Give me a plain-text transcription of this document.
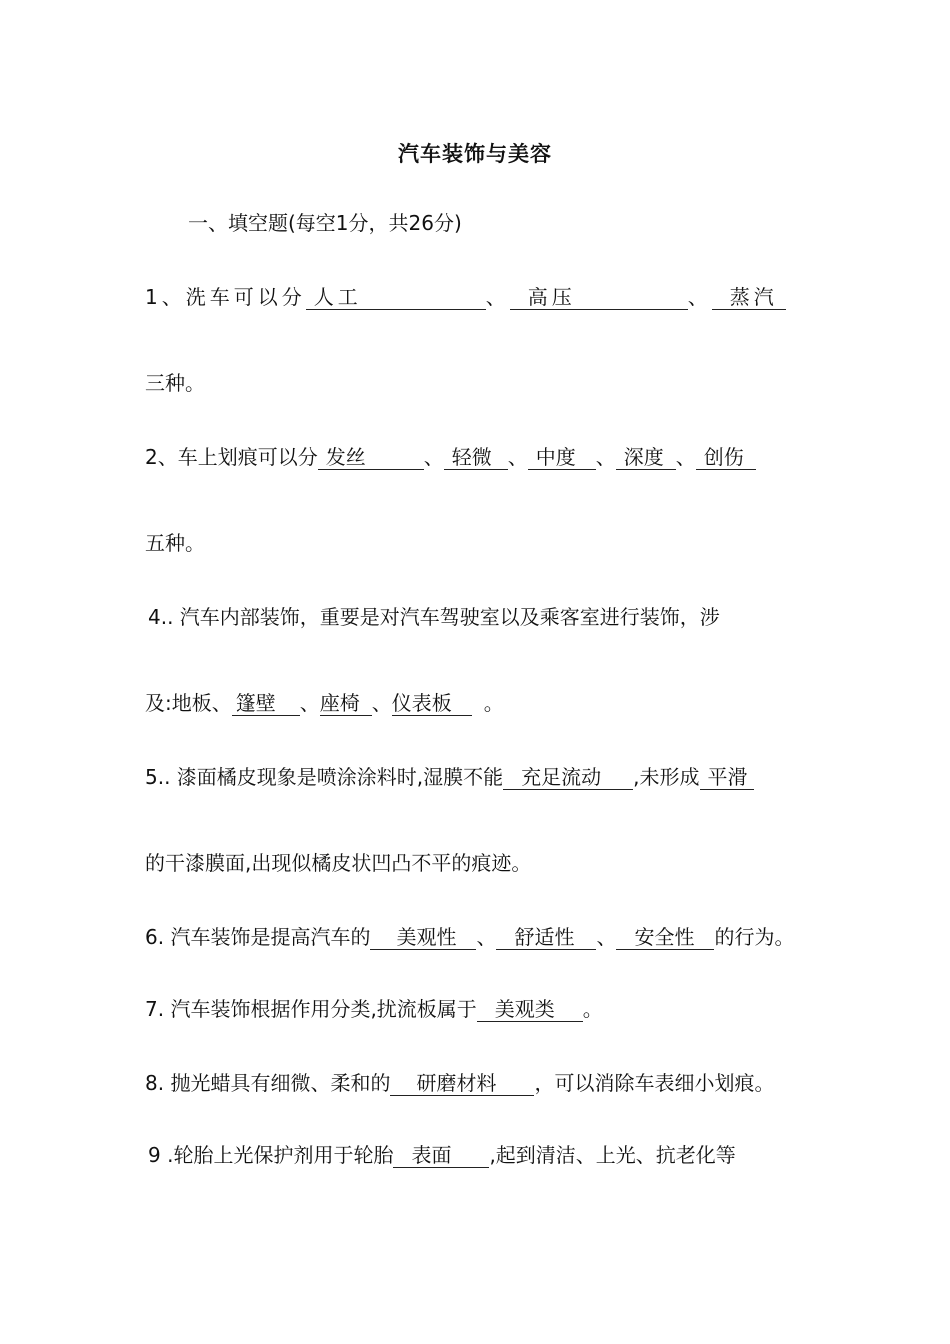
汽车装饰与美容
一、填空题(每空1分，共26分)
1、洗车可以分 人工	、 高压	、 蒸汽
三种。
2、车上划痕可以分 发丝	、 轻微 、 中度 、 深度 、 创伤
五种。
4.. 汽车内部装饰，重要是对汽车驾驶室以及乘客室进行装饰，涉
及:地板、 篷壁 、座椅 、仪表板 。
5.. 漆面橘皮现象是喷涂涂料时,湿膜不能 充足流动 ,未形成 平滑
的干漆膜面,出现似橘皮状凹凸不平的痕迹。
6. 汽车装饰是提高汽车的 美观性 、 舒适性 、 安全性 的行为。
7. 汽车装饰根据作用分类,扰流板属于 美观类 。
8. 抛光蜡具有细微、柔和的 研磨材料 ，可以消除车表细小划痕。
9 .轮胎上光保护剂用于轮胎 表面 ,起到清洁、上光、抗老化等
